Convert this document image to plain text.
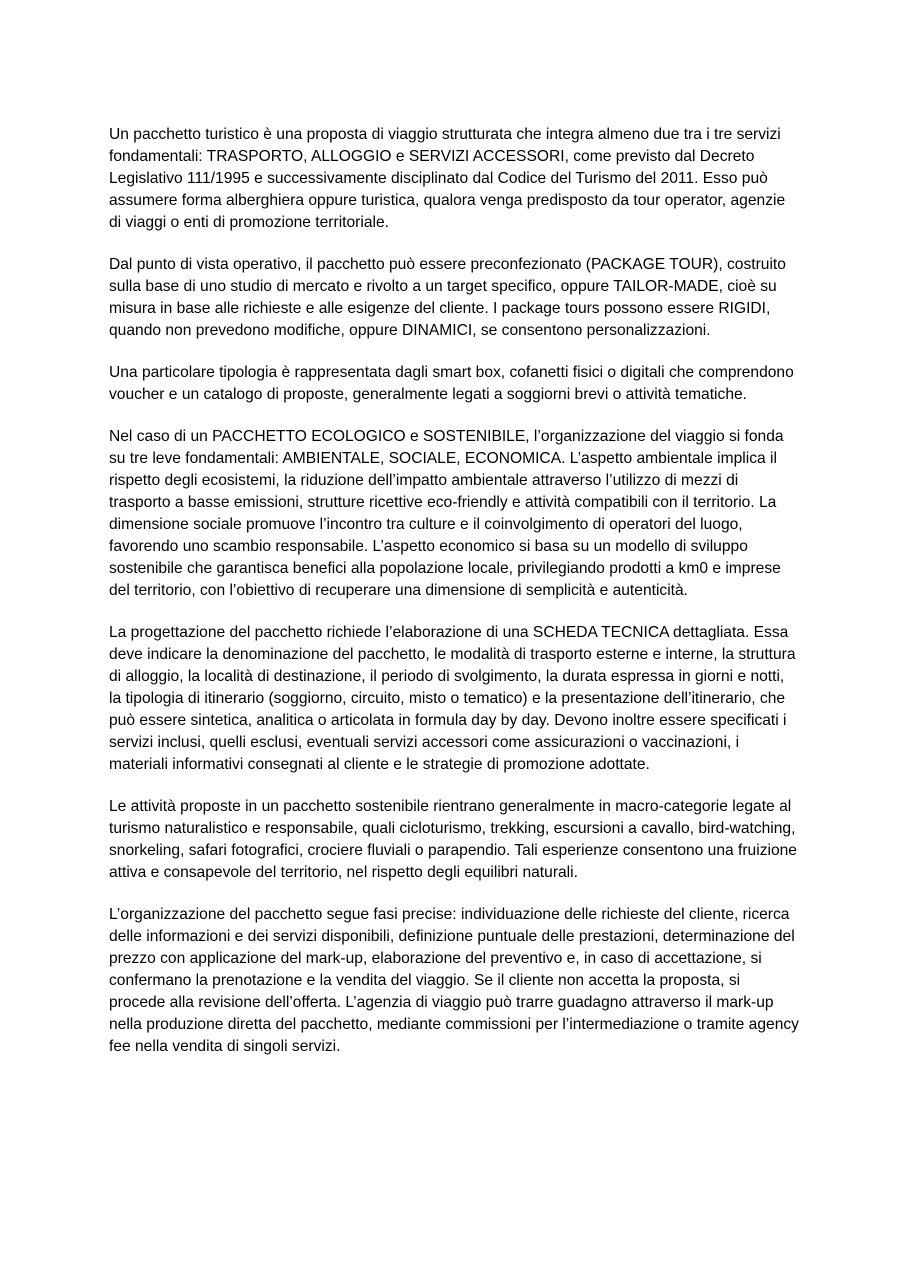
Un pacchetto turistico è una proposta di viaggio strutturata che integra almeno due tra i tre servizi fondamentali: TRASPORTO, ALLOGGIO e SERVIZI ACCESSORI, come previsto dal Decreto Legislativo 111/1995 e successivamente disciplinato dal Codice del Turismo del 2011. Esso può assumere forma alberghiera oppure turistica, qualora venga predisposto da tour operator, agenzie di viaggi o enti di promozione territoriale.

Dal punto di vista operativo, il pacchetto può essere preconfezionato (PACKAGE TOUR), costruito sulla base di uno studio di mercato e rivolto a un target specifico, oppure TAILOR-MADE, cioè su misura in base alle richieste e alle esigenze del cliente. I package tours possono essere RIGIDI, quando non prevedono modifiche, oppure DINAMICI, se consentono personalizzazioni.

Una particolare tipologia è rappresentata dagli smart box, cofanetti fisici o digitali che comprendono voucher e un catalogo di proposte, generalmente legati a soggiorni brevi o attività tematiche.

Nel caso di un PACCHETTO ECOLOGICO e SOSTENIBILE, l’organizzazione del viaggio si fonda su tre leve fondamentali: AMBIENTALE, SOCIALE, ECONOMICA. L’aspetto ambientale implica il rispetto degli ecosistemi, la riduzione dell’impatto ambientale attraverso l’utilizzo di mezzi di trasporto a basse emissioni, strutture ricettive eco-friendly e attività compatibili con il territorio. La dimensione sociale promuove l’incontro tra culture e il coinvolgimento di operatori del luogo, favorendo uno scambio responsabile. L’aspetto economico si basa su un modello di sviluppo sostenibile che garantisca benefici alla popolazione locale, privilegiando prodotti a km0 e imprese del territorio, con l’obiettivo di recuperare una dimensione di semplicità e autenticità.

La progettazione del pacchetto richiede l’elaborazione di una SCHEDA TECNICA dettagliata. Essa deve indicare la denominazione del pacchetto, le modalità di trasporto esterne e interne, la struttura di alloggio, la località di destinazione, il periodo di svolgimento, la durata espressa in giorni e notti, la tipologia di itinerario (soggiorno, circuito, misto o tematico) e la presentazione dell’itinerario, che può essere sintetica, analitica o articolata in formula day by day. Devono inoltre essere specificati i servizi inclusi, quelli esclusi, eventuali servizi accessori come assicurazioni o vaccinazioni, i materiali informativi consegnati al cliente e le strategie di promozione adottate.

Le attività proposte in un pacchetto sostenibile rientrano generalmente in macro-categorie legate al turismo naturalistico e responsabile, quali cicloturismo, trekking, escursioni a cavallo, bird-watching, snorkeling, safari fotografici, crociere fluviali o parapendio. Tali esperienze consentono una fruizione attiva e consapevole del territorio, nel rispetto degli equilibri naturali.

L’organizzazione del pacchetto segue fasi precise: individuazione delle richieste del cliente, ricerca delle informazioni e dei servizi disponibili, definizione puntuale delle prestazioni, determinazione del prezzo con applicazione del mark-up, elaborazione del preventivo e, in caso di accettazione, si confermano la prenotazione e la vendita del viaggio. Se il cliente non accetta la proposta, si procede alla revisione dell’offerta. L’agenzia di viaggio può trarre guadagno attraverso il mark-up nella produzione diretta del pacchetto, mediante commissioni per l’intermediazione o tramite agency fee nella vendita di singoli servizi.
